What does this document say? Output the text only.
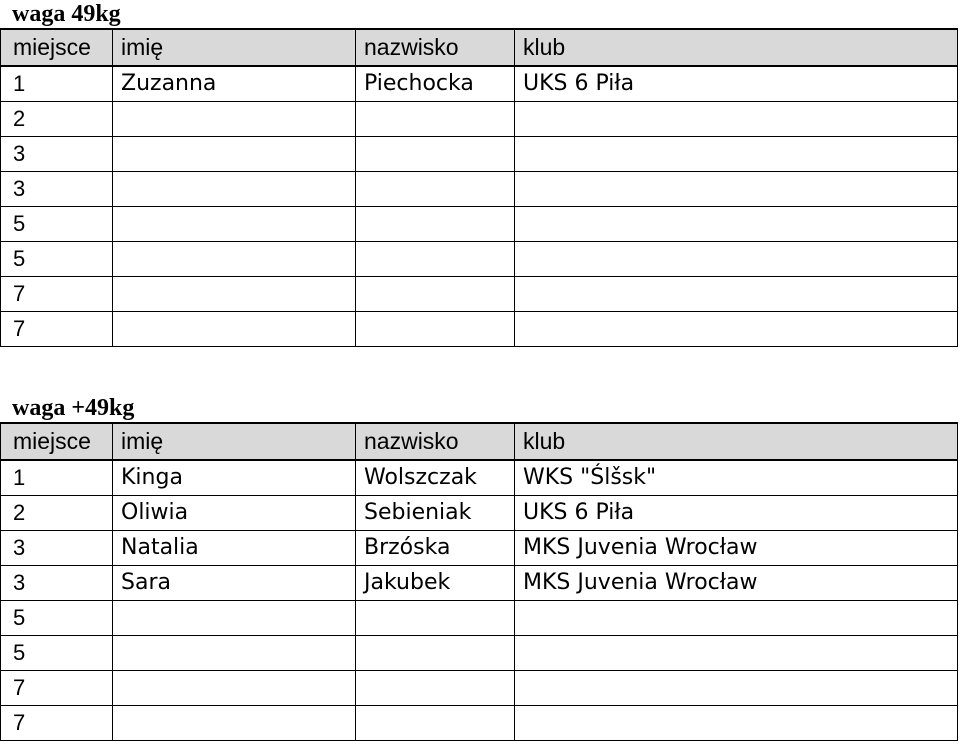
waga 49kg
miejsce	imię	nazwisko	klub
1	Zuzanna	Piechocka	UKS 6 Piła
2			
3			
3			
5			
5			
7			
7			
waga +49kg
miejsce	imię	nazwisko	klub
1	Kinga	Wolszczak	WKS "Ślšsk"
2	Oliwia	Sebieniak	UKS 6 Piła
3	Natalia	Brzóska	MKS Juvenia Wrocław
3	Sara	Jakubek	MKS Juvenia Wrocław
5			
5			
7			
7			
